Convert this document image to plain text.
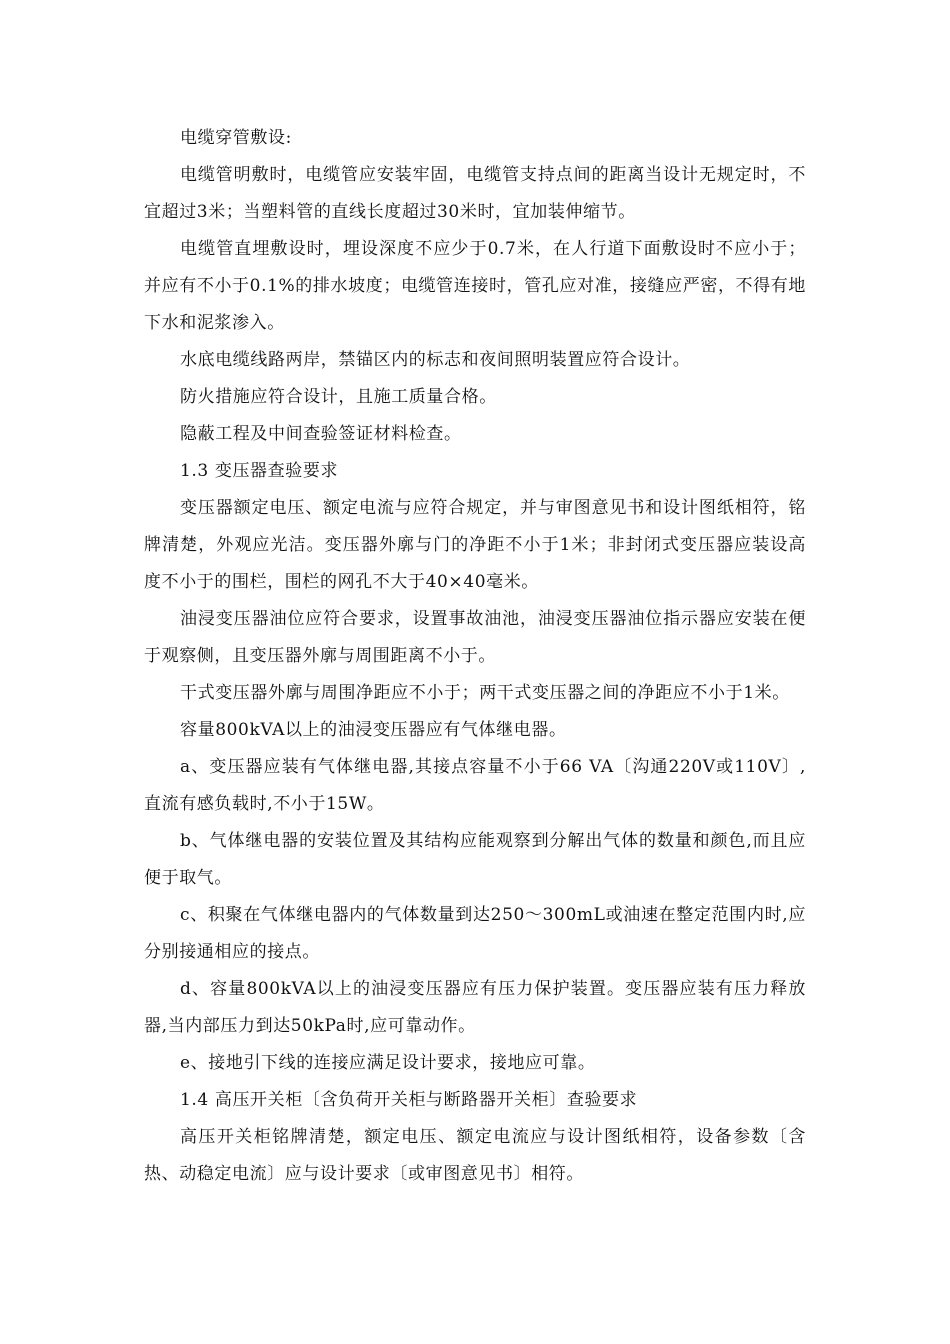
电缆穿管敷设:

电缆管明敷时，电缆管应安装牢固，电缆管支持点间的距离当设计无规定时，不宜超过3米；当塑料管的直线长度超过30米时，宜加装伸缩节。

电缆管直埋敷设时，埋设深度不应少于0.7米，在人行道下面敷设时不应小于；并应有不小于0.1%的排水坡度；电缆管连接时，管孔应对准，接缝应严密，不得有地下水和泥浆渗入。

水底电缆线路两岸，禁锚区内的标志和夜间照明装置应符合设计。

防火措施应符合设计，且施工质量合格。

隐蔽工程及中间查验签证材料检查。

1.3 变压器查验要求

变压器额定电压、额定电流与应符合规定，并与审图意见书和设计图纸相符，铭牌清楚，外观应光洁。变压器外廓与门的净距不小于1米；非封闭式变压器应装设高度不小于的围栏，围栏的网孔不大于40×40毫米。

油浸变压器油位应符合要求，设置事故油池，油浸变压器油位指示器应安装在便于观察侧，且变压器外廓与周围距离不小于。

干式变压器外廓与周围净距应不小于；两干式变压器之间的净距应不小于1米。

容量800kVA以上的油浸变压器应有气体继电器。

a、变压器应装有气体继电器,其接点容量不小于66 VA〔沟通220V或110V〕,直流有感负载时,不小于15W。

b、气体继电器的安装位置及其结构应能观察到分解出气体的数量和颜色,而且应便于取气。

c、积聚在气体继电器内的气体数量到达250～300mL或油速在整定范围内时,应分别接通相应的接点。

d、容量800kVA以上的油浸变压器应有压力保护装置。变压器应装有压力释放器,当内部压力到达50kPa时,应可靠动作。

e、接地引下线的连接应满足设计要求，接地应可靠。

1.4 高压开关柜〔含负荷开关柜与断路器开关柜〕查验要求

高压开关柜铭牌清楚，额定电压、额定电流应与设计图纸相符，设备参数〔含热、动稳定电流〕应与设计要求〔或审图意见书〕相符。
